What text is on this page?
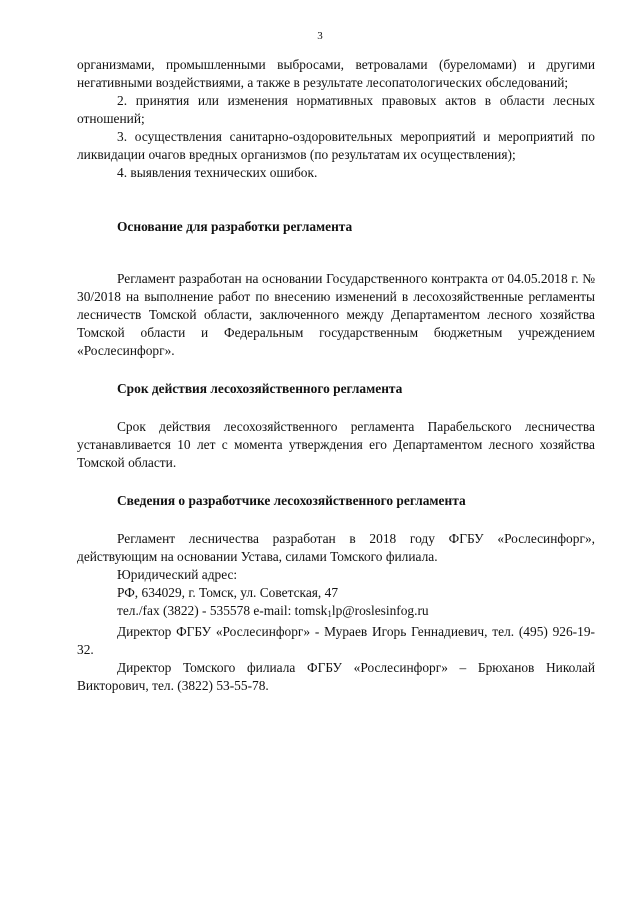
3

организмами, промышленными выбросами, ветровалами (буреломами) и другими негативными воздействиями, а также в результате лесопатологических обследований;

2. принятия или изменения нормативных правовых актов в области лесных отношений;

3. осуществления санитарно-оздоровительных мероприятий и мероприятий по ликвидации очагов вредных организмов (по результатам их осуществления);

4. выявления технических ошибок.

Основание для разработки регламента

Регламент разработан на основании Государственного контракта от 04.05.2018 г. № 30/2018 на выполнение работ по внесению изменений в лесохозяйственные регламенты лесничеств Томской области, заключенного между Департаментом лесного хозяйства Томской области и Федеральным государственным бюджетным учреждением «Рослесинфорг».

Срок действия лесохозяйственного регламента

Срок действия лесохозяйственного регламента Парабельского лесничества устанавливается 10 лет с момента утверждения его Департаментом лесного хозяйства Томской области.

Сведения о разработчике лесохозяйственного регламента

Регламент лесничества разработан в 2018 году ФГБУ «Рослесинфорг», действующим на основании Устава, силами Томского филиала.

Юридический адрес:

РФ, 634029, г. Томск, ул. Советская, 47

тел./fax (3822) - 535578 e-mail: tomsk$_1$lp@roslesinfog.ru

Директор ФГБУ «Рослесинфорг» - Мураев Игорь Геннадиевич, тел. (495) 926-19-32.

Директор Томского филиала ФГБУ «Рослесинфорг» – Брюханов Николай Викторович, тел. (3822) 53-55-78.
